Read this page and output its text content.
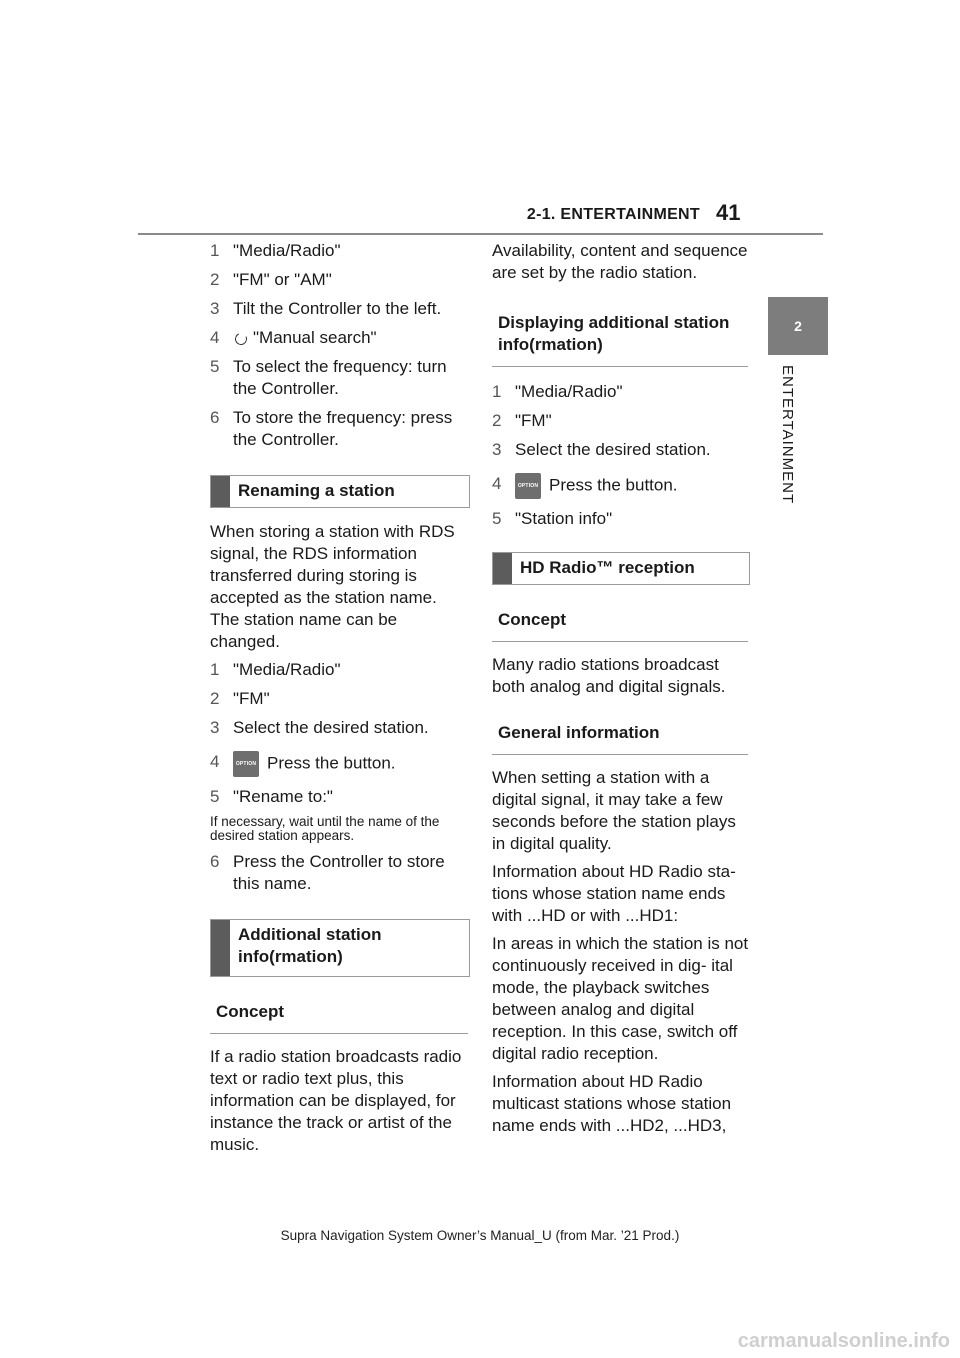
2-1. ENTERTAINMENT 41
2
ENTERTAINMENT
1 "Media/Radio"
2 "FM" or "AM"
3 Tilt the Controller to the left.
4 "Manual search"
5 To select the frequency: turn the Controller.
6 To store the frequency: press the Controller.
Renaming a station
When storing a station with RDS signal, the RDS information transferred during storing is accepted as the station name. The station name can be changed.
1 "Media/Radio"
2 "FM"
3 Select the desired station.
4	OPTION Press the button.
5 "Rename to:"
If necessary, wait until the name of the desired station appears.
6 Press the Controller to store this name.
Additional station info(rmation)
Concept
If a radio station broadcasts radio text or radio text plus, this information can be displayed, for instance the track or artist of the music.
Availability, content and sequence are set by the radio station.
Displaying additional station info(rmation)
1 "Media/Radio"
2 "FM"
3 Select the desired station.
4	OPTION Press the button.
5 "Station info"
HD Radio™ reception
Concept
Many radio stations broadcast both analog and digital signals.
General information
When setting a station with a digital signal, it may take a few seconds before the station plays in digital quality.
Information about HD Radio sta- tions whose station name ends with ...HD or with ...HD1:
In areas in which the station is not continuously received in dig- ital mode, the playback switches between analog and digital reception. In this case, switch off digital radio reception.
Information about HD Radio multicast stations whose station name ends with ...HD2, ...HD3,
Supra Navigation System Owner’s Manual_U (from Mar. ’21 Prod.)
carmanualsonline.info
